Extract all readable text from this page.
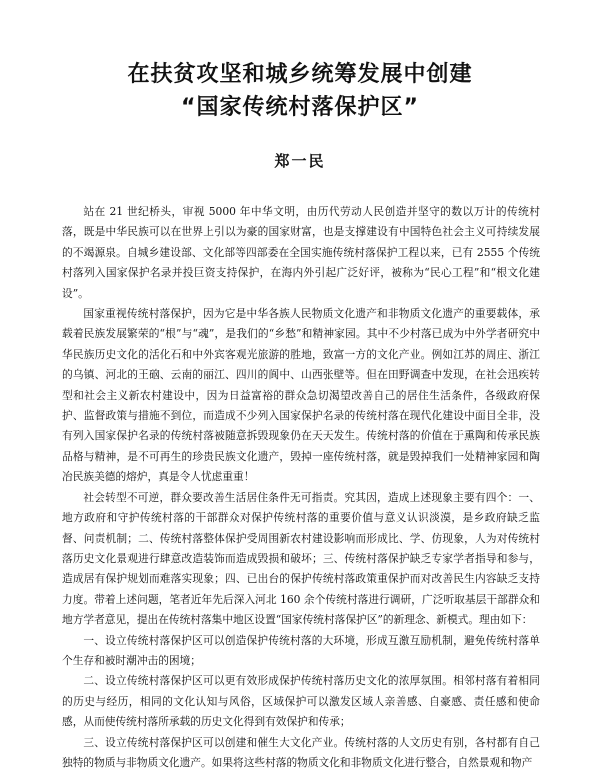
在扶贫攻坚和城乡统筹发展中创建
“国家传统村落保护区”
郑一民

站在 21 世纪桥头，审视 5000 年中华文明，由历代劳动人民创造并坚守的数以万计的传统村落，既是中华民族可以在世界上引以为豪的国家财富，也是支撑建设有中国特色社会主义可持续发展的不竭源泉。自城乡建设部、文化部等四部委在全国实施传统村落保护工程以来，已有 2555 个传统村落列入国家保护名录并投巨资支持保护，在海内外引起广泛好评，被称为“民心工程”和“根文化建设”。

国家重视传统村落保护，因为它是中华各族人民物质文化遗产和非物质文化遗产的重要载体，承载着民族发展繁荣的“根”与“魂”，是我们的“乡愁”和精神家园。其中不少村落已成为中外学者研究中华民族历史文化的活化石和中外宾客观光旅游的胜地，致富一方的文化产业。例如江苏的周庄、浙江的乌镇、河北的王硇、云南的丽江、四川的阆中、山西张壁等。但在田野调查中发现，在社会迅疾转型和社会主义新农村建设中，因为日益富裕的群众急切渴望改善自己的居住生活条件，各级政府保护、监督政策与措施不到位，而造成不少列入国家保护名录的传统村落在现代化建设中面目全非，没有列入国家保护名录的传统村落被随意拆毁现象仍在天天发生。传统村落的价值在于熏陶和传承民族品格与精神，是不可再生的珍贵民族文化遗产，毁掉一座传统村落，就是毁掉我们一处精神家园和陶冶民族美德的熔炉，真是令人忧虑重重！

社会转型不可逆，群众要改善生活居住条件无可指责。究其因，造成上述现象主要有四个：一、地方政府和守护传统村落的干部群众对保护传统村落的重要价值与意义认识淡漠，是乡政府缺乏监督、问责机制；二、传统村落整体保护受周围新农村建设影响而形成比、学、仿现象，人为对传统村落历史文化景观进行肆意改造装饰而造成毁损和破坏；三、传统村落保护缺乏专家学者指导和参与，造成居有保护规划而难落实现象；四、已出台的保护传统村落政策重保护而对改善民生内容缺乏支持力度。带着上述问题，笔者近年先后深入河北 160 余个传统村落进行调研，广泛听取基层干部群众和地方学者意见，提出在传统村落集中地区设置“国家传统村落保护区”的新理念、新模式。理由如下：

一、设立传统村落保护区可以创造保护传统村落的大环境，形成互激互励机制，避免传统村落单个生存和被时潮冲击的困境；

二、设立传统村落保护区可以更有效形成保护传统村落历史文化的浓厚氛围。相邻村落有着相同的历史与经历，相同的文化认知与风俗，区域保护可以激发区域人亲善感、自豪感、责任感和使命感，从而使传统村落所承载的历史文化得到有效保护和传承；

三、设立传统村落保护区可以创建和催生大文化产业。传统村落的人文历史有别，各村都有自己独特的物质与非物质文化遗产。如果将这些村落的物质文化和非物质文化进行整合，自然景观和物产
